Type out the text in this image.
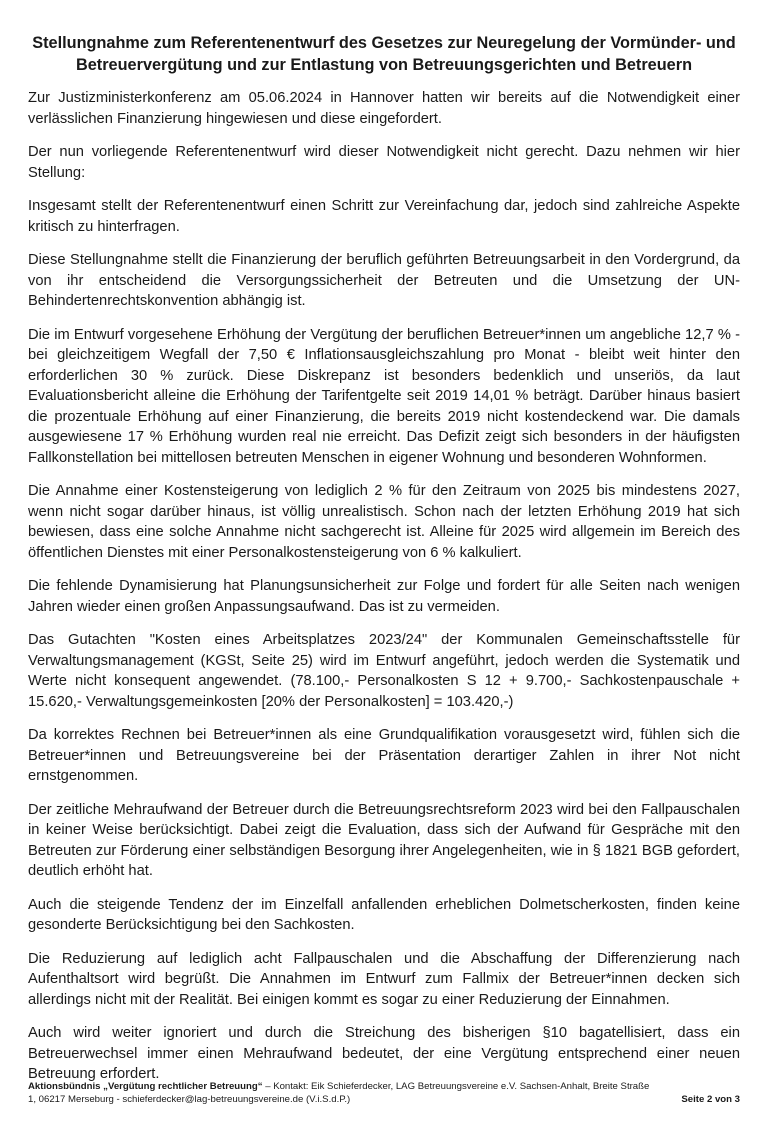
Stellungnahme zum Referentenentwurf des Gesetzes zur Neuregelung der Vormünder- und
Betreuervergütung und zur Entlastung von Betreuungsgerichten und Betreuern

Zur Justizministerkonferenz am 05.06.2024 in Hannover hatten wir bereits auf die Notwendigkeit einer verlässlichen Finanzierung hingewiesen und diese eingefordert.

Der nun vorliegende Referentenentwurf wird dieser Notwendigkeit nicht gerecht. Dazu nehmen wir hier Stellung:

Insgesamt stellt der Referentenentwurf einen Schritt zur Vereinfachung dar, jedoch sind zahlreiche Aspekte kritisch zu hinterfragen.

Diese Stellungnahme stellt die Finanzierung der beruflich geführten Betreuungsarbeit in den Vordergrund, da von ihr entscheidend die Versorgungssicherheit der Betreuten und die Umsetzung der UN-Behindertenrechtskonvention abhängig ist.

Die im Entwurf vorgesehene Erhöhung der Vergütung der beruflichen Betreuer*innen um angebliche 12,7 % - bei gleichzeitigem Wegfall der 7,50 € Inflationsausgleichszahlung pro Monat - bleibt weit hinter den erforderlichen 30 % zurück. Diese Diskrepanz ist besonders bedenklich und unseriös, da laut Evaluationsbericht alleine die Erhöhung der Tarifentgelte seit 2019 14,01 % beträgt. Darüber hinaus basiert die prozentuale Erhöhung auf einer Finanzierung, die bereits 2019 nicht kostendeckend war. Die damals ausgewiesene 17 % Erhöhung wurden real nie erreicht. Das Defizit zeigt sich besonders in der häufigsten Fallkonstellation bei mittellosen betreuten Menschen in eigener Wohnung und besonderen Wohnformen.

Die Annahme einer Kostensteigerung von lediglich 2 % für den Zeitraum von 2025 bis mindestens 2027, wenn nicht sogar darüber hinaus, ist völlig unrealistisch. Schon nach der letzten Erhöhung 2019 hat sich bewiesen, dass eine solche Annahme nicht sachgerecht ist. Alleine für 2025 wird allgemein im Bereich des öffentlichen Dienstes mit einer Personalkostensteigerung von 6 % kalkuliert.

Die fehlende Dynamisierung hat Planungsunsicherheit zur Folge und fordert für alle Seiten nach wenigen Jahren wieder einen großen Anpassungsaufwand. Das ist zu vermeiden.

Das Gutachten "Kosten eines Arbeitsplatzes 2023/24" der Kommunalen Gemeinschaftsstelle für Verwaltungsmanagement (KGSt, Seite 25) wird im Entwurf angeführt, jedoch werden die Systematik und Werte nicht konsequent angewendet. (78.100,- Personalkosten S 12 + 9.700,- Sachkostenpauschale + 15.620,- Verwaltungsgemeinkosten [20% der Personalkosten] = 103.420,-)

Da korrektes Rechnen bei Betreuer*innen als eine Grundqualifikation vorausgesetzt wird, fühlen sich die Betreuer*innen und Betreuungsvereine bei der Präsentation derartiger Zahlen in ihrer Not nicht ernstgenommen.

Der zeitliche Mehraufwand der Betreuer durch die Betreuungsrechtsreform 2023 wird bei den Fallpauschalen in keiner Weise berücksichtigt. Dabei zeigt die Evaluation, dass sich der Aufwand für Gespräche mit den Betreuten zur Förderung einer selbständigen Besorgung ihrer Angelegenheiten, wie in § 1821 BGB gefordert, deutlich erhöht hat.

Auch die steigende Tendenz der im Einzelfall anfallenden erheblichen Dolmetscherkosten, finden keine gesonderte Berücksichtigung bei den Sachkosten.

Die Reduzierung auf lediglich acht Fallpauschalen und die Abschaffung der Differenzierung nach Aufenthaltsort wird begrüßt. Die Annahmen im Entwurf zum Fallmix der Betreuer*innen decken sich allerdings nicht mit der Realität. Bei einigen kommt es sogar zu einer Reduzierung der Einnahmen.

Auch wird weiter ignoriert und durch die Streichung des bisherigen §10 bagatellisiert, dass ein Betreuerwechsel immer einen Mehraufwand bedeutet, der eine Vergütung entsprechend einer neuen Betreuung erfordert.

Aktionsbündnis „Vergütung rechtlicher Betreuung“ – Kontakt: Eik Schieferdecker, LAG Betreuungsvereine e.V. Sachsen-Anhalt, Breite Straße
1, 06217 Merseburg - schieferdecker@lag-betreuungsvereine.de (V.i.S.d.P.)	Seite 2 von 3
